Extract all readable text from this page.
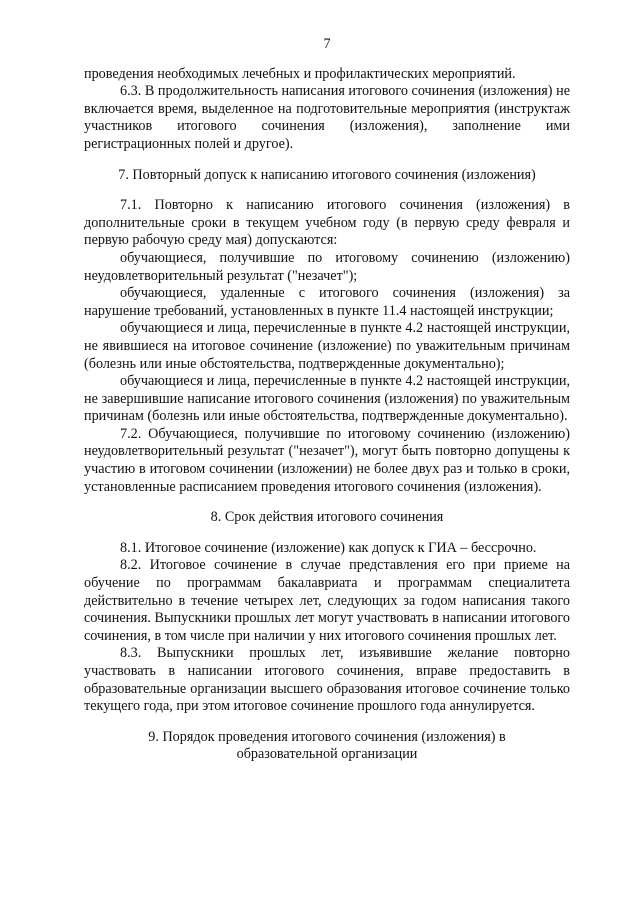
7

проведения необходимых лечебных и профилактических мероприятий.

6.3. В продолжительность написания итогового сочинения (изложения) не включается время, выделенное на подготовительные мероприятия (инструктаж участников итогового сочинения (изложения), заполнение ими регистрационных полей и другое).

7. Повторный допуск к написанию итогового сочинения (изложения)

7.1. Повторно к написанию итогового сочинения (изложения) в дополнительные сроки в текущем учебном году (в первую среду февраля и первую рабочую среду мая) допускаются:

обучающиеся, получившие по итоговому сочинению (изложению) неудовлетворительный результат ("незачет");

обучающиеся, удаленные с итогового сочинения (изложения) за нарушение требований, установленных в пункте 11.4 настоящей инструкции;

обучающиеся и лица, перечисленные в пункте 4.2 настоящей инструкции, не явившиеся на итоговое сочинение (изложение) по уважительным причинам (болезнь или иные обстоятельства, подтвержденные документально);

обучающиеся и лица, перечисленные в пункте 4.2 настоящей инструкции, не завершившие написание итогового сочинения (изложения) по уважительным причинам (болезнь или иные обстоятельства, подтвержденные документально).

7.2. Обучающиеся, получившие по итоговому сочинению (изложению) неудовлетворительный результат ("незачет"), могут быть повторно допущены к участию в итоговом сочинении (изложении) не более двух раз и только в сроки, установленные расписанием проведения итогового сочинения (изложения).

8. Срок действия итогового сочинения

8.1. Итоговое сочинение (изложение) как допуск к ГИА – бессрочно.

8.2. Итоговое сочинение в случае представления его при приеме на обучение по программам бакалавриата и программам специалитета действительно в течение четырех лет, следующих за годом написания такого сочинения. Выпускники прошлых лет могут участвовать в написании итогового сочинения, в том числе при наличии у них итогового сочинения прошлых лет.

8.3. Выпускники прошлых лет, изъявившие желание повторно участвовать в написании итогового сочинения, вправе предоставить в образовательные организации высшего образования итоговое сочинение только текущего года, при этом итоговое сочинение прошлого года аннулируется.

9. Порядок проведения итогового сочинения (изложения) в
образовательной организации
